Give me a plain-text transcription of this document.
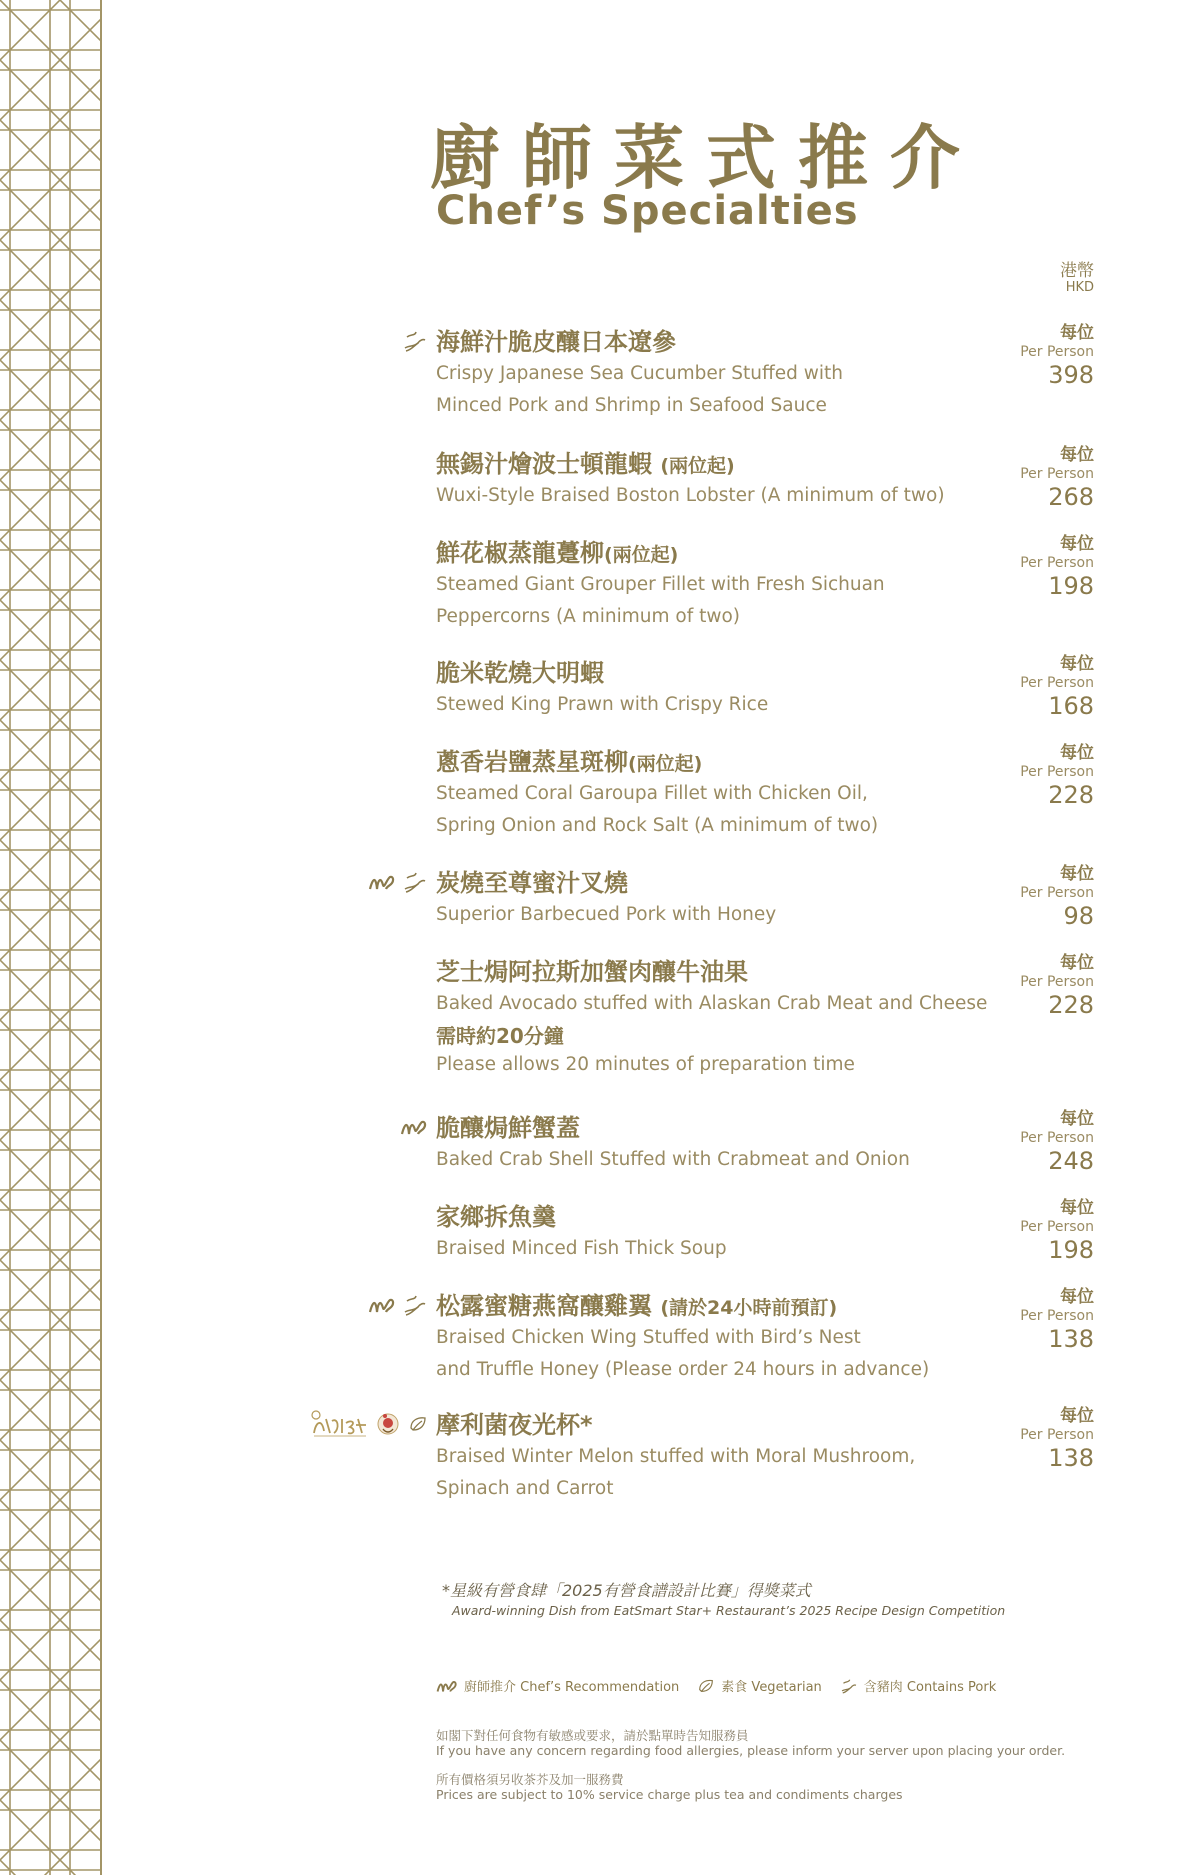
廚師菜式推介
Chef’s Specialties
港幣
HKD
海鮮汁脆皮釀日本遼參
Crispy Japanese Sea Cucumber Stuffed with
Minced Pork and Shrimp in Seafood Sauce
每位
Per Person
398
無錫汁燴波士頓龍蝦 (兩位起)
Wuxi-Style Braised Boston Lobster (A minimum of two)
每位
Per Person
268
鮮花椒蒸龍躉柳(兩位起)
Steamed Giant Grouper Fillet with Fresh Sichuan
Peppercorns (A minimum of two)
每位
Per Person
198
脆米乾燒大明蝦
Stewed King Prawn with Crispy Rice
每位
Per Person
168
蔥香岩鹽蒸星斑柳(兩位起)
Steamed Coral Garoupa Fillet with Chicken Oil,
Spring Onion and Rock Salt (A minimum of two)
每位
Per Person
228
炭燒至尊蜜汁叉燒
Superior Barbecued Pork with Honey
每位
Per Person
98
芝士焗阿拉斯加蟹肉釀牛油果
Baked Avocado stuffed with Alaskan Crab Meat and Cheese
需時約20分鐘
Please allows 20 minutes of preparation time
每位
Per Person
228
脆釀焗鮮蟹蓋
Baked Crab Shell Stuffed with Crabmeat and Onion
每位
Per Person
248
家鄉拆魚羹
Braised Minced Fish Thick Soup
每位
Per Person
198
松露蜜糖燕窩釀雞翼 (請於24小時前預訂)
Braised Chicken Wing Stuffed with Bird’s Nest
and Truffle Honey (Please order 24 hours in advance)
每位
Per Person
138
摩利菌夜光杯*
Braised Winter Melon stuffed with Moral Mushroom,
Spinach and Carrot
每位
Per Person
138
*星級有營食肆「2025有營食譜設計比賽」得獎菜式
Award-winning Dish from EatSmart Star+ Restaurant’s 2025 Recipe Design Competition
廚師推介 Chef’s Recommendation	素食 Vegetarian	含豬肉 Contains Pork
如閣下對任何食物有敏感或要求，請於點單時告知服務員
If you have any concern regarding food allergies, please inform your server upon placing your order.
所有價格須另收茶芥及加一服務費
Prices are subject to 10% service charge plus tea and condiments charges
